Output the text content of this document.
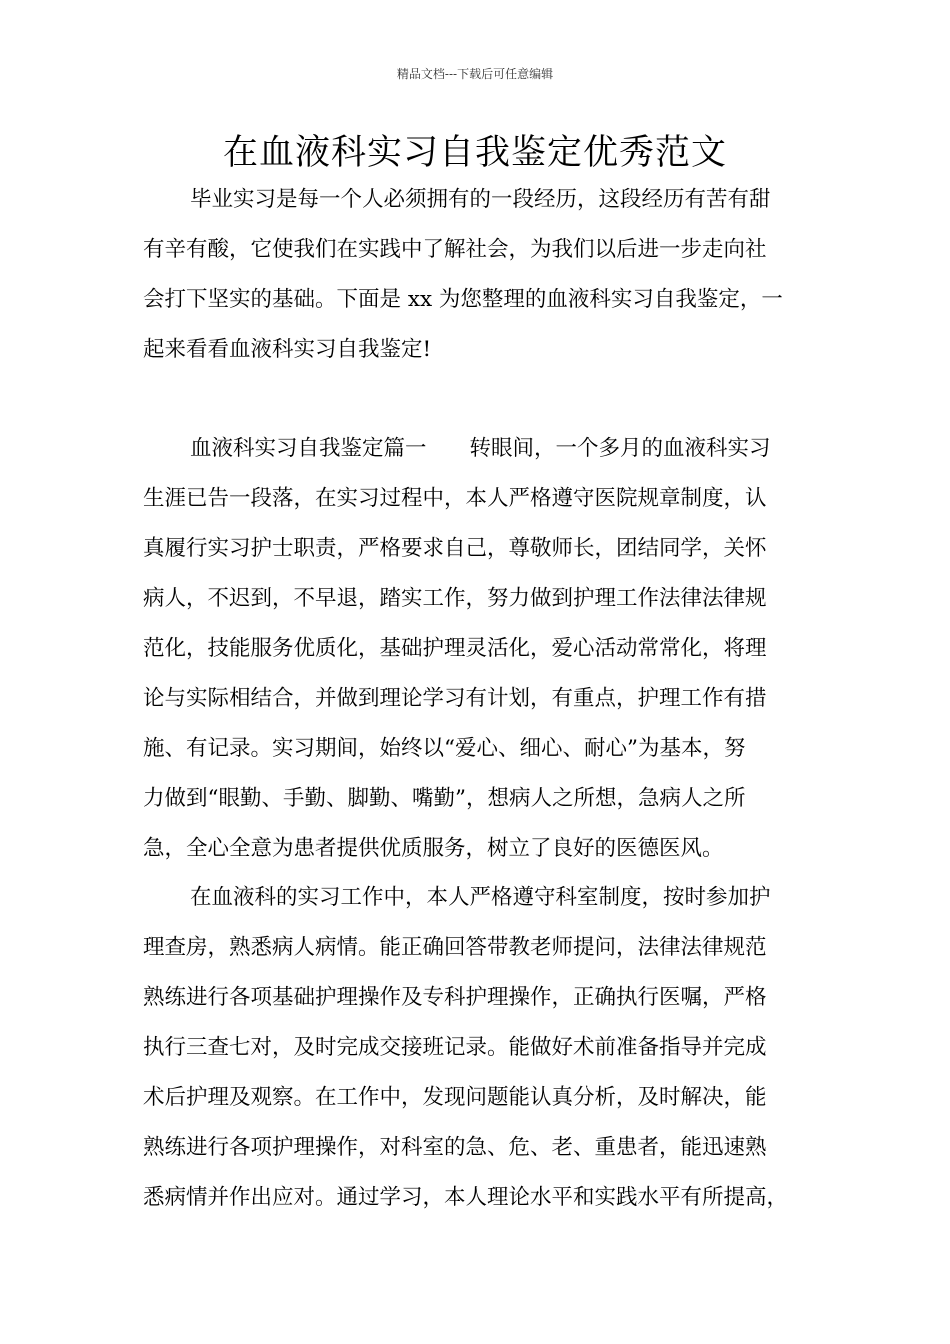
精品文档---下载后可任意编辑
在血液科实习自我鉴定优秀范文
毕业实习是每一个人必须拥有的一段经历，这段经历有苦有甜
有辛有酸，它使我们在实践中了解社会，为我们以后进一步走向社
会打下坚实的基础。下面是 xx 为您整理的血液科实习自我鉴定，一
起来看看血液科实习自我鉴定!
血液科实习自我鉴定篇一　　转眼间，一个多月的血液科实习
生涯已告一段落，在实习过程中，本人严格遵守医院规章制度，认
真履行实习护士职责，严格要求自己，尊敬师长，团结同学，关怀
病人，不迟到，不早退，踏实工作，努力做到护理工作法律法律规
范化，技能服务优质化，基础护理灵活化，爱心活动常常化，将理
论与实际相结合，并做到理论学习有计划，有重点，护理工作有措
施、有记录。实习期间，始终以“爱心、细心、耐心”为基本，努
力做到“眼勤、手勤、脚勤、嘴勤”，想病人之所想，急病人之所
急，全心全意为患者提供优质服务，树立了良好的医德医风。
在血液科的实习工作中，本人严格遵守科室制度，按时参加护
理查房，熟悉病人病情。能正确回答带教老师提问，法律法律规范
熟练进行各项基础护理操作及专科护理操作，正确执行医嘱，严格
执行三查七对，及时完成交接班记录。能做好术前准备指导并完成
术后护理及观察。在工作中，发现问题能认真分析，及时解决，能
熟练进行各项护理操作，对科室的急、危、老、重患者，能迅速熟
悉病情并作出应对。通过学习，本人理论水平和实践水平有所提高，
